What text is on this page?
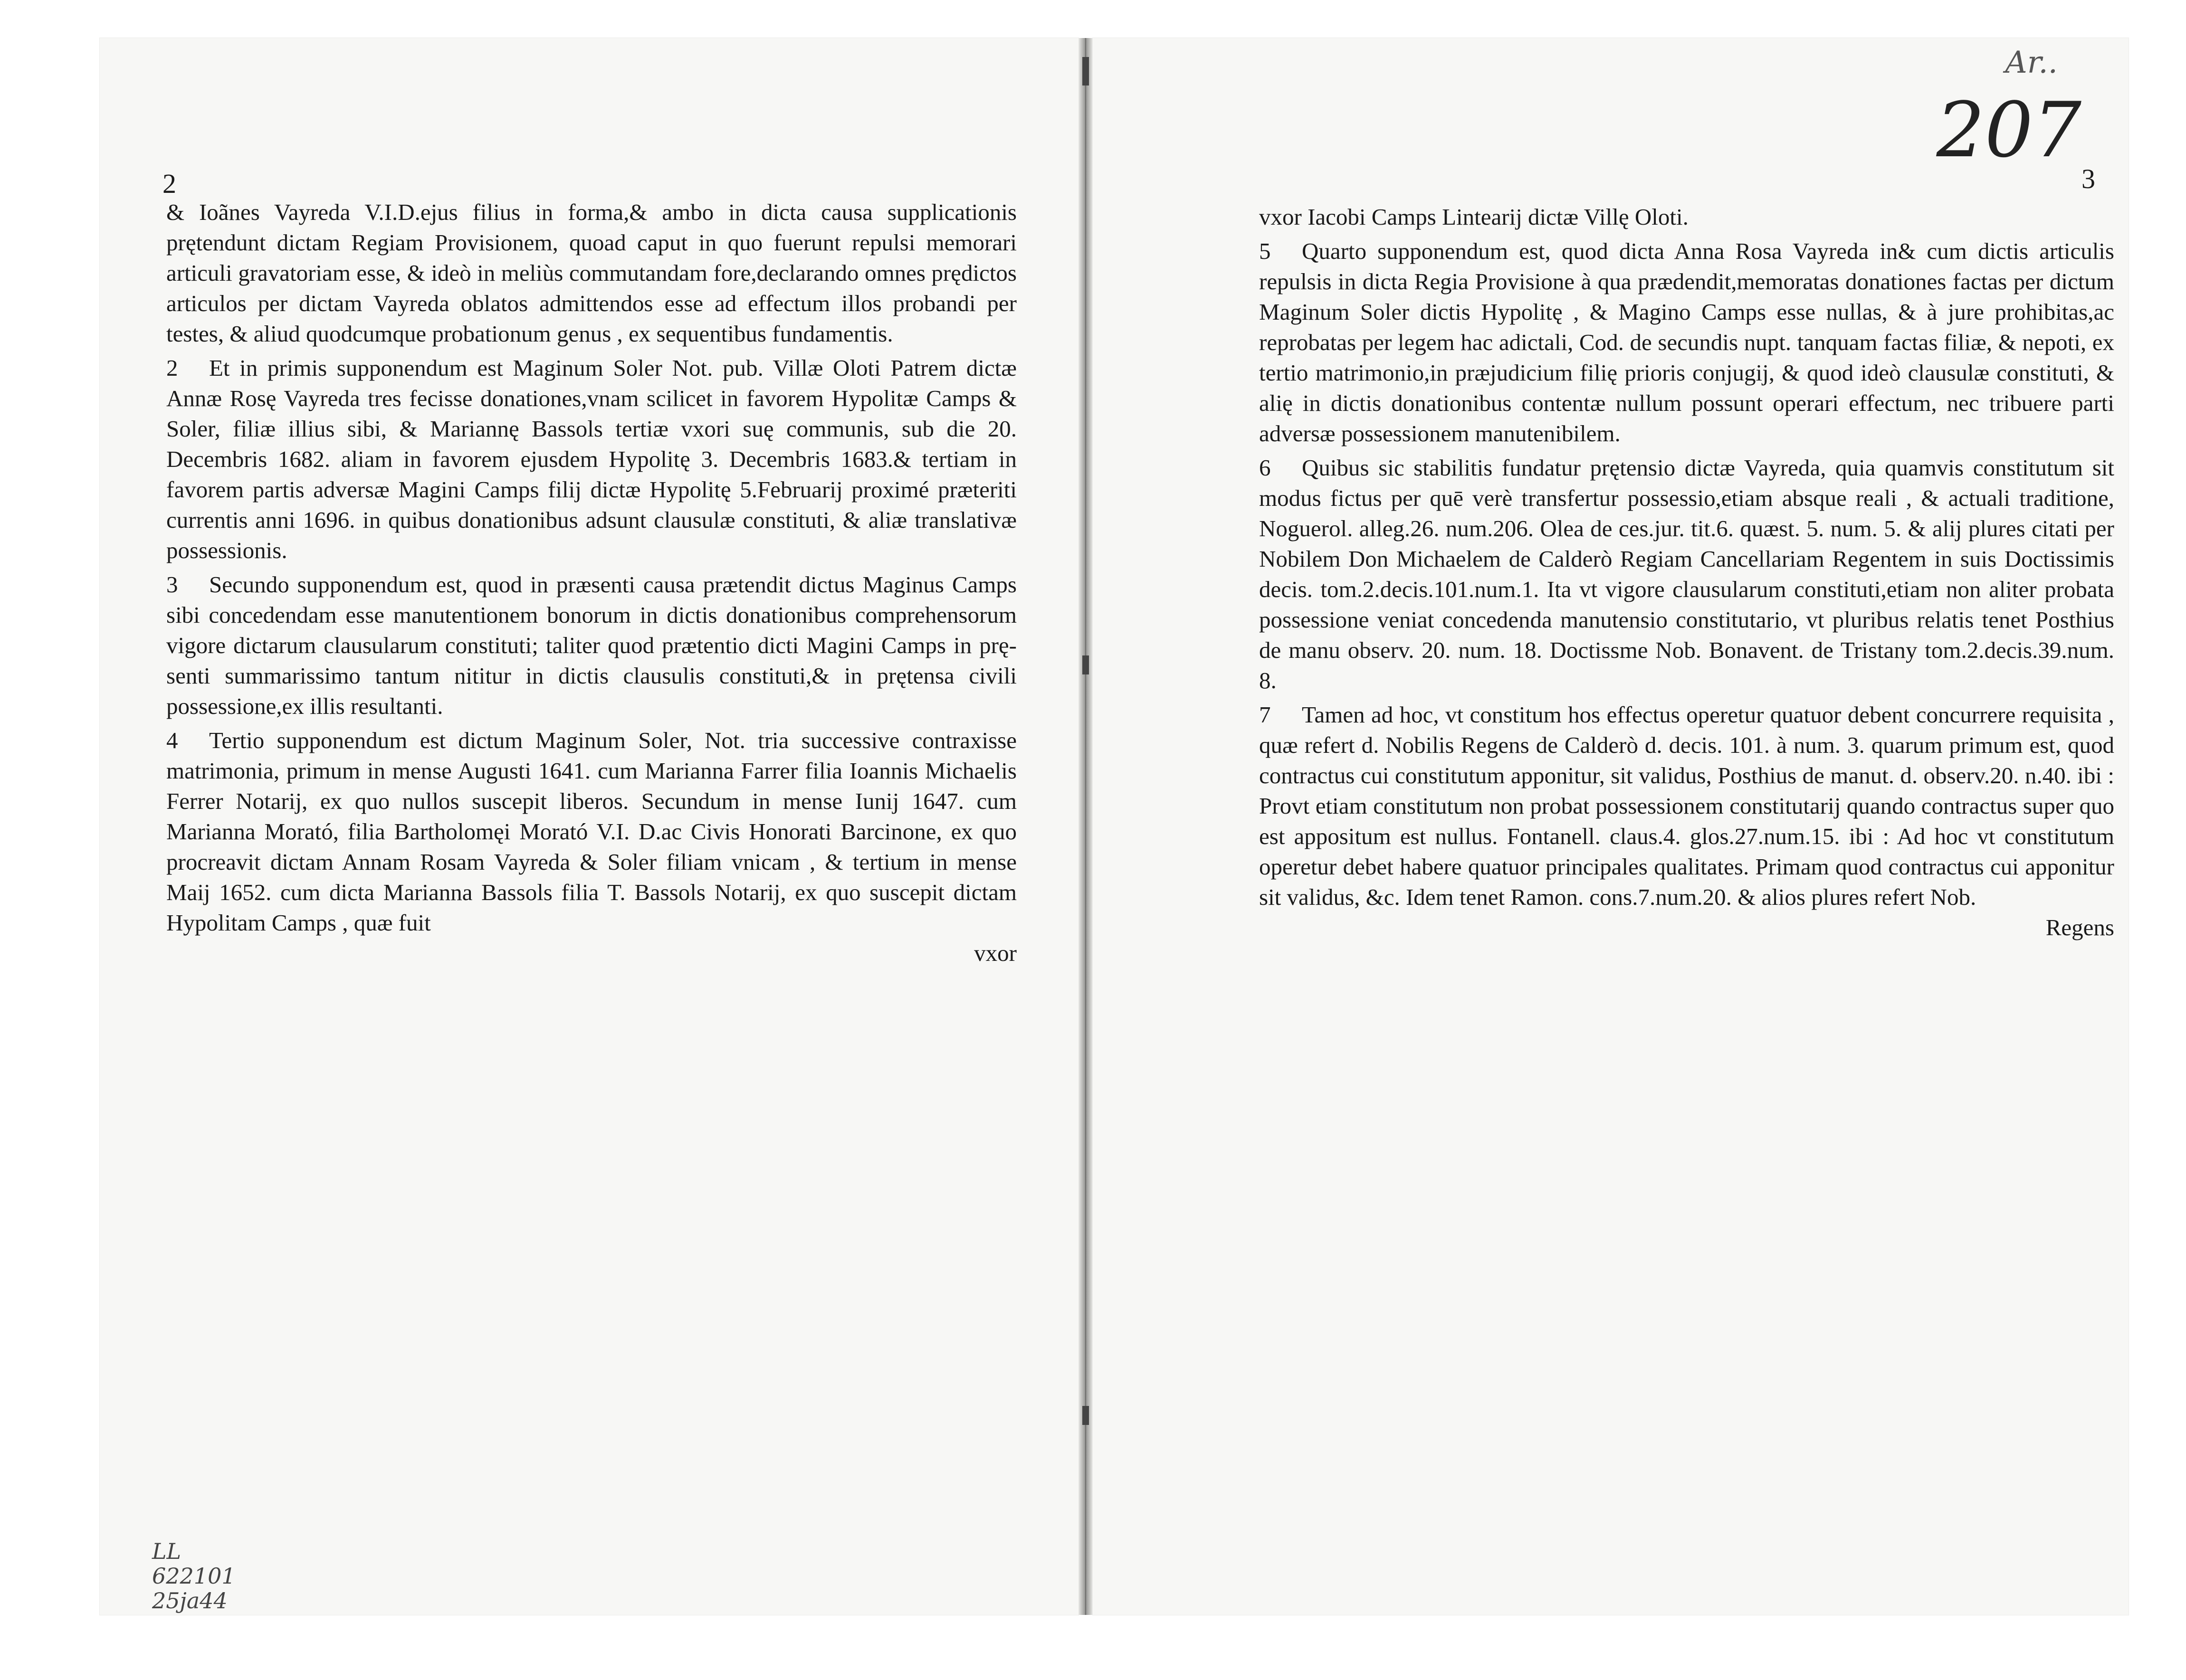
2

& Ioãnes Vayreda V.I.D.ejus filius in forma,& ambo in dicta causa supplicationis prętendunt dictam Regiam Provisionem, quoad caput in quo fuerunt repulsi memorari articuli gravatoriam esse, & ideò in meliùs commutandam fore,declarando omnes prędictos articulos per dictam Vayreda oblatos admittendos esse ad effectum illos probandi per testes, & aliud quodcumque probationum genus , ex sequentibus fundamentis.

2 Et in primis supponendum est Maginum Soler Not. pub. Villæ Oloti Patrem dictæ Annæ Rosę Vayreda tres fecisse donationes,vnam scilicet in favorem Hypolitæ Camps & Soler, filiæ illius sibi, & Mariannę Bassols tertiæ vxori suę communis, sub die 20. Decembris 1682. aliam in favorem ejusdem Hypolitę 3. Decembris 1683.& tertiam in favorem partis adversæ Magini Camps filij dictæ Hypolitę 5.Februarij proximé præteriti currentis anni 1696. in quibus donationibus adsunt clausulæ constituti, & aliæ translativæ possessionis.

3 Secundo supponendum est, quod in præsenti causa prætendit dictus Maginus Camps sibi concedendam esse manutentionem bonorum in dictis donationibus comprehensorum vigore dictarum clausularum constituti; taliter quod prætentio dicti Magini Camps in pręsenti summarissimo tantum nititur in dictis clausulis constituti,& in prętensa civili possessione,ex illis resultanti.

4 Tertio supponendum est dictum Maginum Soler, Not. tria successive contraxisse matrimonia, primum in mense Augusti 1641. cum Marianna Farrer filia Ioannis Michaelis Ferrer Notarij, ex quo nullos suscepit liberos. Secundum in mense Iunij 1647. cum Marianna Morató, filia Bartholomęi Morató V.I. D.ac Civis Honorati Barcinone, ex quo procreavit dictam Annam Rosam Vayreda & Soler filiam vnicam , & tertium in mense Maij 1652. cum dicta Marianna Bassols filia T. Bassols Notarij, ex quo suscepit dictam Hypolitam Camps , quæ fuit

vxor
3

vxor Iacobi Camps Lintearij dictæ Villę Oloti.

5 Quarto supponendum est, quod dicta Anna Rosa Vayreda in& cum dictis articulis repulsis in dicta Regia Provisione à qua prædendit,memoratas donationes factas per dictum Maginum Soler dictis Hypolitę , & Magino Camps esse nullas, & à jure prohibitas,ac reprobatas per legem hac adictali, Cod. de secundis nupt. tanquam factas filiæ, & nepoti, ex tertio matrimonio,in præjudicium filię prioris conjugij, & quod ideò clausulæ constituti, & alię in dictis donationibus contentæ nullum possunt operari effectum, nec tribuere parti adversæ possessionem manutenibilem.

6 Quibus sic stabilitis fundatur prętensio dictæ Vayreda, quia quamvis constitutum sit modus fictus per quē verè transfertur possessio,etiam absque reali , & actuali traditione, Noguerol. alleg.26. num.206. Olea de ces.jur. tit.6. quæst. 5. num. 5. & alij plures citati per Nobilem Don Michaelem de Calderò Regiam Cancellariam Regentem in suis Doctissimis decis. tom.2.decis.101.num.1. Ita vt vigore clausularum constituti,etiam non aliter probata possessione veniat concedenda manutensio constitutario, vt pluribus relatis tenet Posthius de manu observ. 20. num. 18. Doctissme Nob. Bonavent. de Tristany tom.2.decis.39.num. 8.

7 Tamen ad hoc, vt constitum hos effectus operetur quatuor debent concurrere requisita , quæ refert d. Nobilis Regens de Calderò d. decis. 101. à num. 3. quarum primum est, quod contractus cui constitutum apponitur, sit validus, Posthius de manut. d. observ.20. n.40. ibi : Provt etiam constitutum non probat possessionem constitutarij quando contractus super quo est appositum est nullus. Fontanell. claus.4. glos.27.num.15. ibi : Ad hoc vt constitutum operetur debet habere quatuor principales qualitates. Primam quod contractus cui apponitur sit validus, &c. Idem tenet Ramon. cons.7.num.20. & alios plures refert Nob.

Regens
Ar..
207
LL
622101
25ja44
